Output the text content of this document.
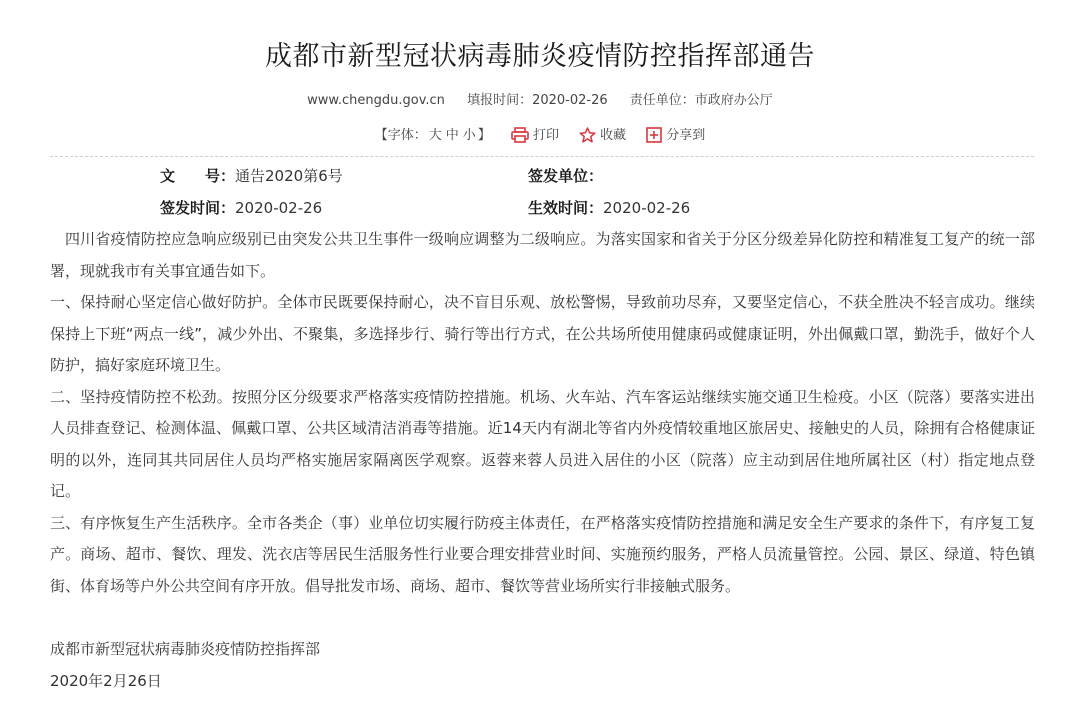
成都市新型冠状病毒肺炎疫情防控指挥部通告
www.chengdu.gov.cn 填报时间：2020-02-26 责任单位：市政府办公厅
【字体： 大 中 小 】	打印	收藏	分享到
文　　号：通告2020第6号	签发单位：
签发时间：2020-02-26	生效时间：2020-02-26

四川省疫情防控应急响应级别已由突发公共卫生事件一级响应调整为二级响应。为落实国家和省关于分区分级差异化防控和精准复工复产的统一部署，现就我市有关事宜通告如下。

一、保持耐心坚定信心做好防护。全体市民既要保持耐心，决不盲目乐观、放松警惕，导致前功尽弃，又要坚定信心，不获全胜决不轻言成功。继续保持上下班“两点一线”，减少外出、不聚集，多选择步行、骑行等出行方式，在公共场所使用健康码或健康证明，外出佩戴口罩，勤洗手，做好个人防护，搞好家庭环境卫生。

二、坚持疫情防控不松劲。按照分区分级要求严格落实疫情防控措施。机场、火车站、汽车客运站继续实施交通卫生检疫。小区（院落）要落实进出人员排查登记、检测体温、佩戴口罩、公共区域清洁消毒等措施。近14天内有湖北等省内外疫情较重地区旅居史、接触史的人员，除拥有合格健康证明的以外，连同其共同居住人员均严格实施居家隔离医学观察。返蓉来蓉人员进入居住的小区（院落）应主动到居住地所属社区（村）指定地点登记。

三、有序恢复生产生活秩序。全市各类企（事）业单位切实履行防疫主体责任，在严格落实疫情防控措施和满足安全生产要求的条件下，有序复工复产。商场、超市、餐饮、理发、洗衣店等居民生活服务性行业要合理安排营业时间、实施预约服务，严格人员流量管控。公园、景区、绿道、特色镇街、体育场等户外公共空间有序开放。倡导批发市场、商场、超市、餐饮等营业场所实行非接触式服务。

成都市新型冠状病毒肺炎疫情防控指挥部
2020年2月26日
